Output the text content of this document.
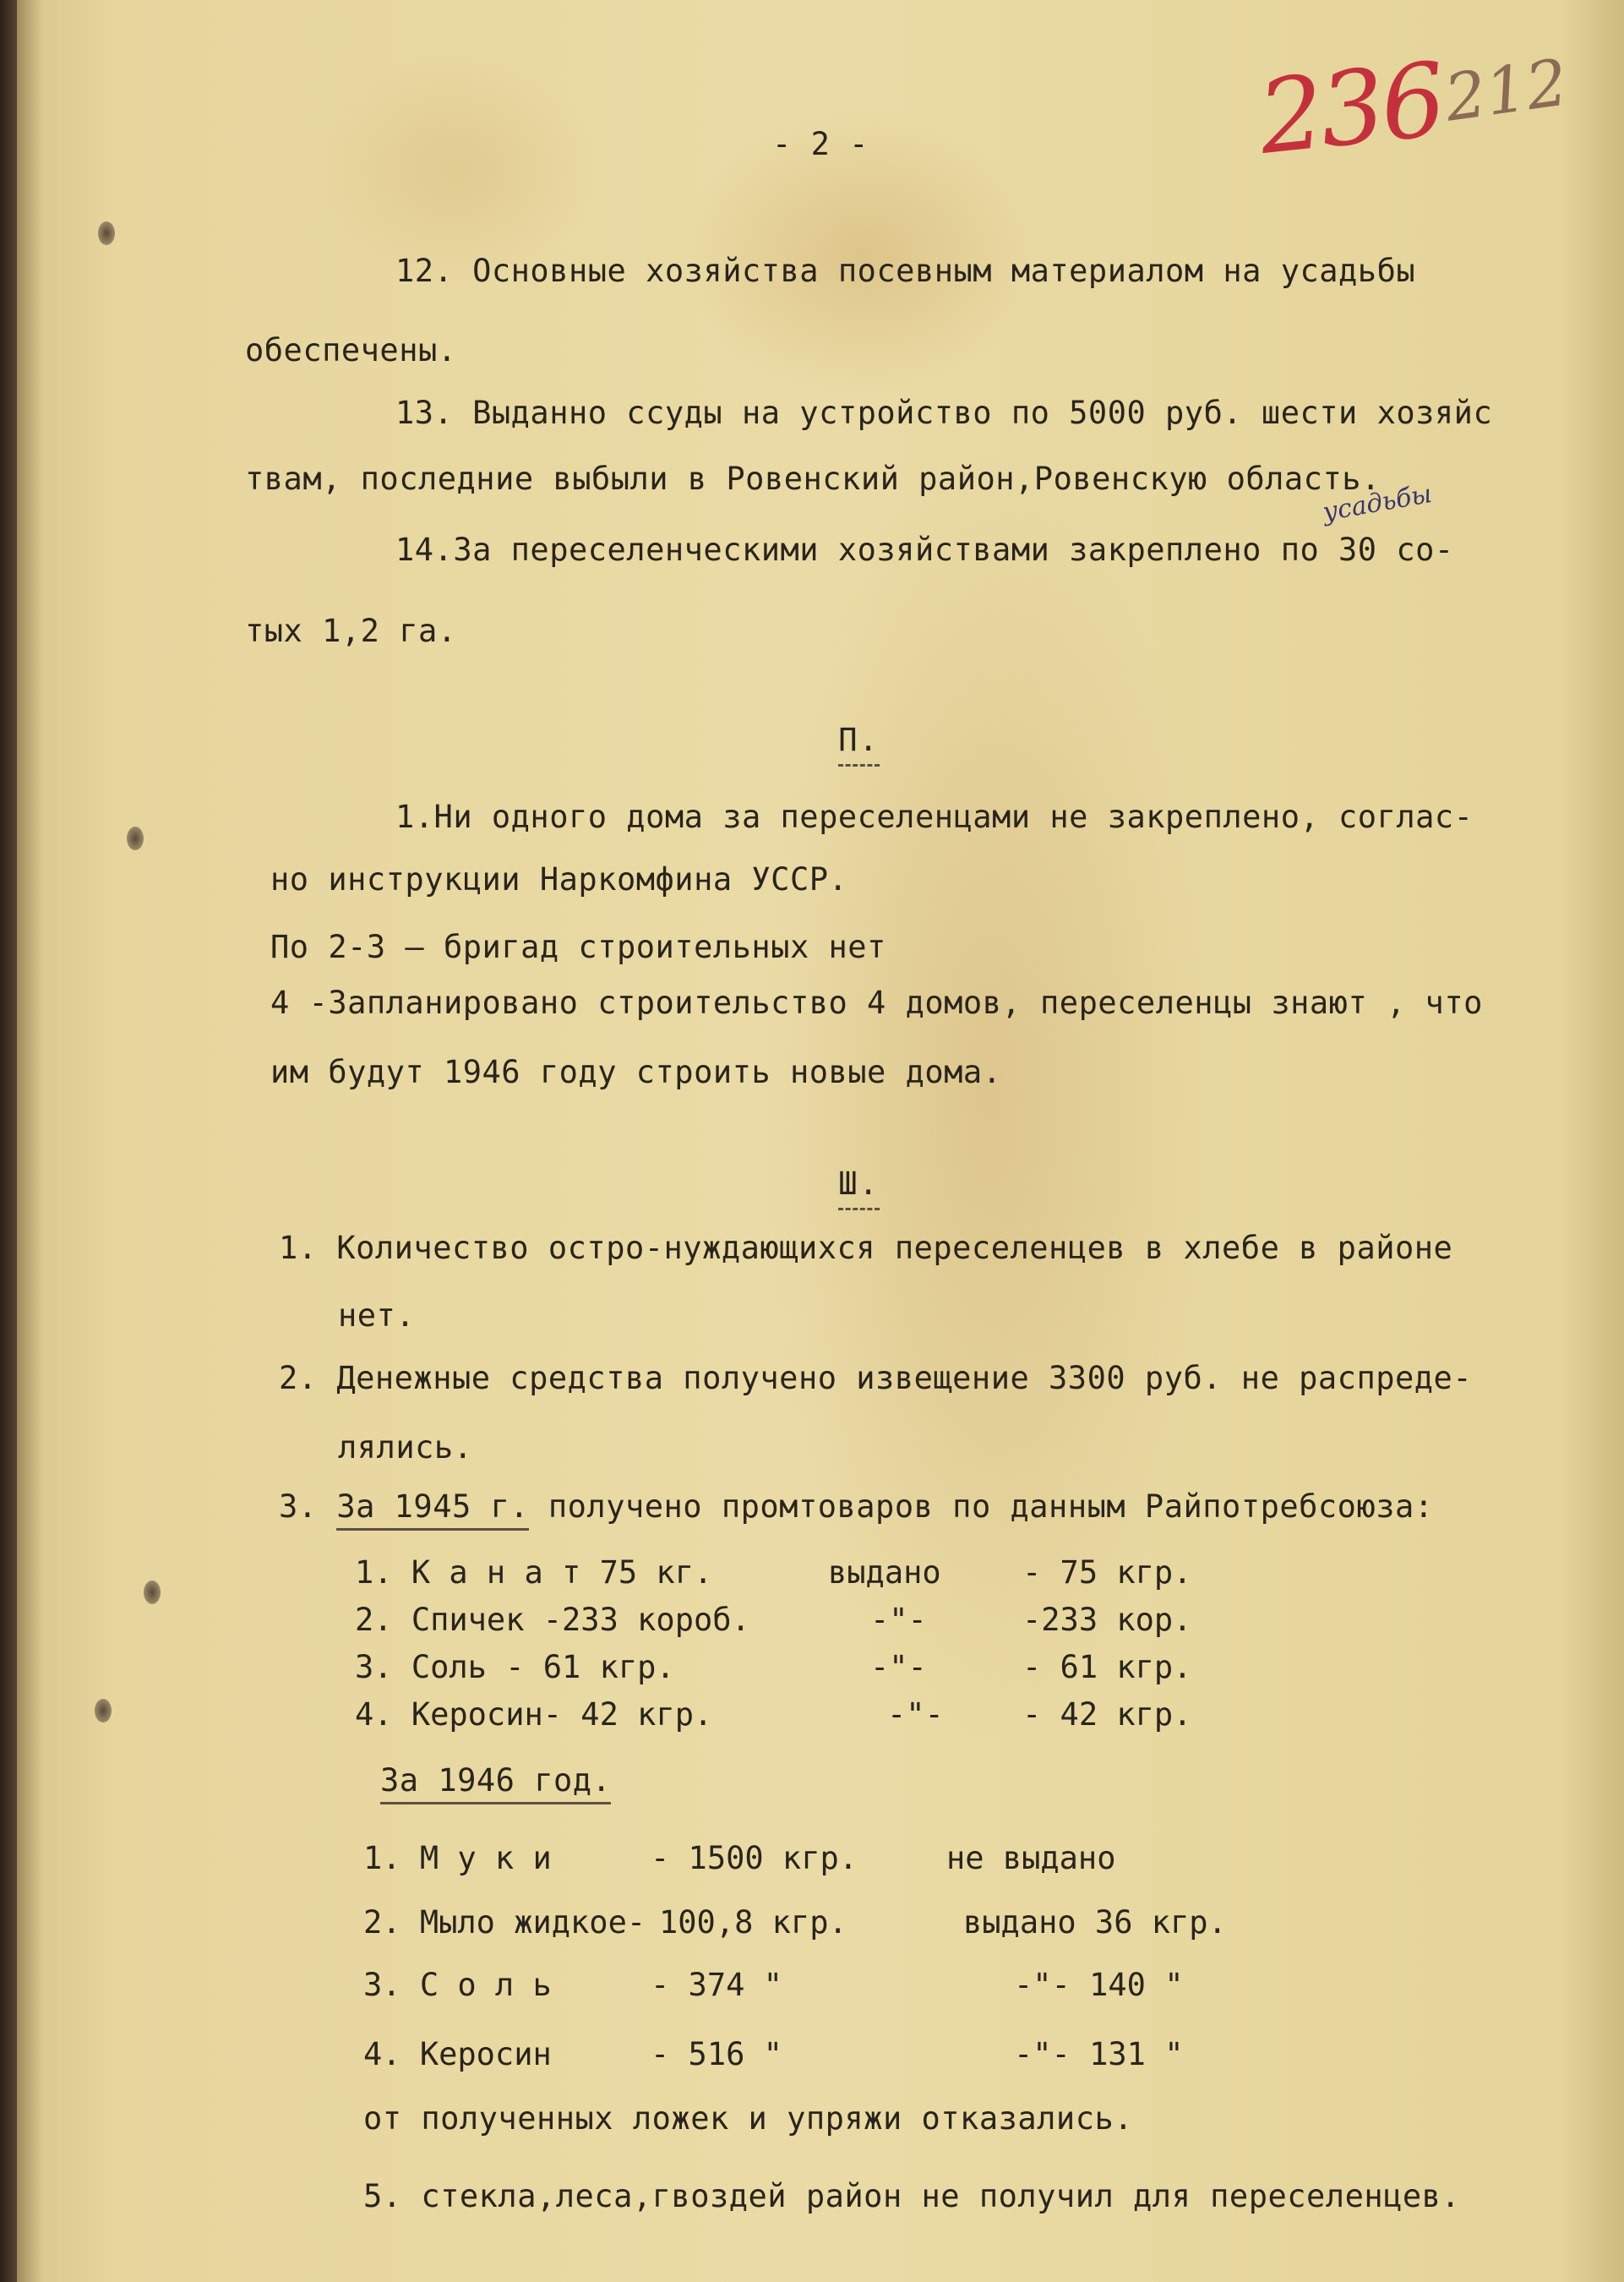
236
212
усадьбы
- 2 -
12. Основные хозяйства посевным материалом на усадьбы
обеспечены.
13. Выданно ссуды на устройство по 5000 руб. шести хозяйс
твам, последние выбыли в Ровенский район,Ровенскую область.
14.За переселенческими хозяйствами закреплено по 30 со-
тых 1,2 га.

П.

1.Ни одного дома за переселенцами не закреплено, соглас-
но инструкции Наркомфина УССР.
По 2-3 — бригад строительных нет
4 -Запланировано строительство 4 домов, переселенцы знают , что
им будут 1946 году строить новые дома.

Ш.

1. Количество остро-нуждающихся переселенцев в хлебе в районе
нет.
2. Денежные средства получено извещение 3300 руб. не распреде-
лялись.
3. За 1945 г. получено промтоваров по данным Райпотребсоюза:
1. К а н а т 75 кг.	выдано	- 75 кгр.
2. Спичек -233 короб.	-"-	-233 кор.
3. Соль - 61 кгр.	-"-	- 61 кгр.
4. Керосин- 42 кгр.	-"-	- 42 кгр.
За 1946 год.
1. М у к и	- 1500 кгр.	не выдано
2. Мыло жидкое- 100,8 кгр.	выдано 36 кгр.
3. С о л ь	- 374 "	-"- 140 "
4. Керосин	- 516 "	-"- 131 "
от полученных ложек и упряжи отказались.
5. стекла,леса,гвоздей район не получил для переселенцев.
